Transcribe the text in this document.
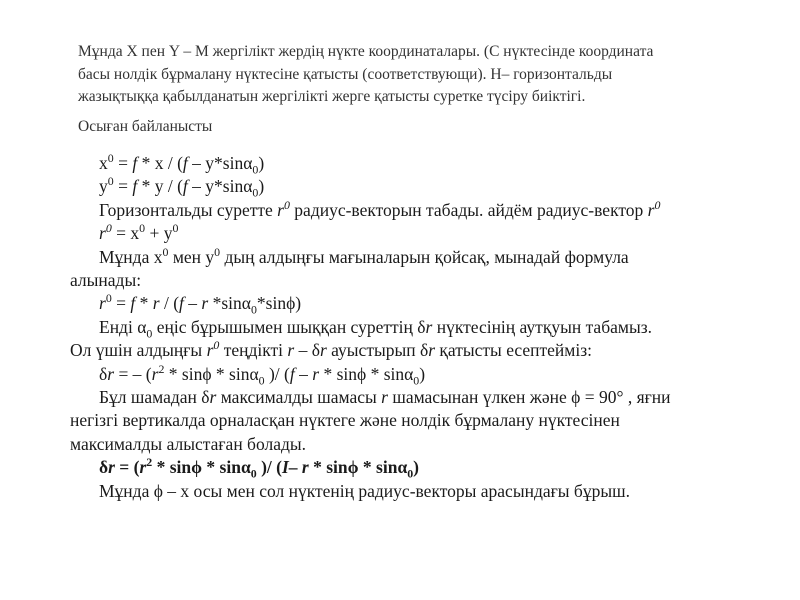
Мұнда X пен Y – M жергілікт жердің нүкте координаталары. (C нүктесінде координата

басы нолдік бұрмалану нүктесіне қатысты (соответствующи). H– горизонтальды

жазықтыққа қабылданатын жергілікті жерге қатысты суретке түсіру биіктігі.

Осыған байланысты
$x^0 = f * x / (f - y*\sin\alpha_0)$
$y^0 = f * y / (f - y*\sin\alpha_0)$
Горизонтальды суретте $r^0$ радиус-векторын табады. айдём радиус-вектор $r^0$
$r^0 = x^0 + y^0$
Мұнда $x^0$ мен $y^0$ дың алдыңғы мағыналарын қойсақ, мынадай формула
алынады:
$r^0 = f * r / (f - r$ *sinα$_0$*sinϕ)
Енді $\alpha_0$ еңіс бұрышымен шыққан суреттің δr нүктесінің аутқуын табамыз.
Ол үшін алдыңғы $r^0$ теңдікті r – δr ауыстырып δr қатысты есептейміз:
δr = – ($r^2$ * sinϕ * sinα$_0$ )/ (f – r * sinϕ * sinα$_0$)
Бұл шамадан δr максималды шамасы r шамасынан үлкен және ϕ = 90° , яғни
негізгі вертикалда орналасқан нүктеге және нолдік бұрмалану нүктесінен
максималды алыстаған болады.
$\delta r = (r^2 * \sin\phi * \sin\alpha_0$ )/ (I– r * sinϕ * sinα$_0$)
Мұнда ϕ – x осы мен сол нүктенің радиус-векторы арасындағы бұрыш.
